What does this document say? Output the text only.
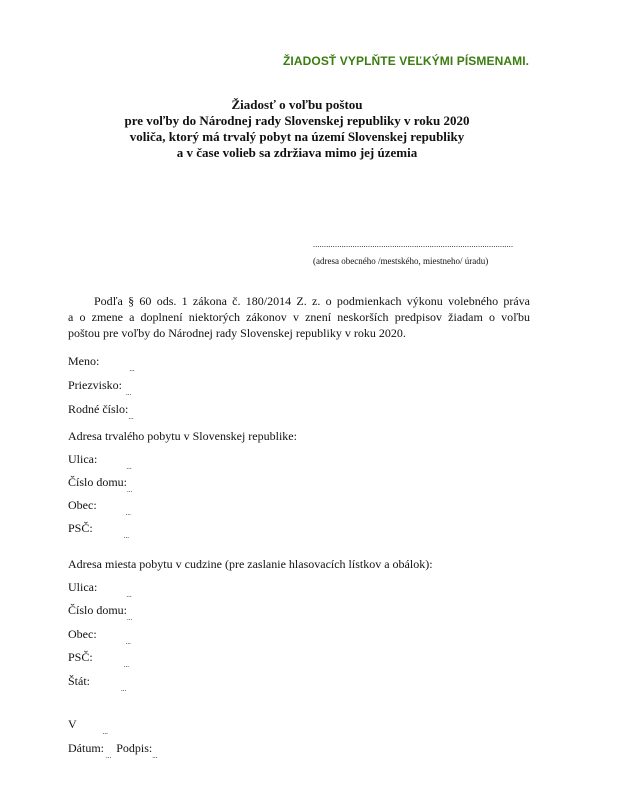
ŽIADOSŤ VYPLŇTE VEĽKÝMI PÍSMENAMI.
Žiadosť o voľbu poštou
pre voľby do Národnej rady Slovenskej republiky v roku 2020
voliča, ktorý má trvalý pobyt na území Slovenskej republiky
a v čase volieb sa zdržiava mimo jej územia
...........................................................................................
(adresa obecného /mestského, miestneho/ úradu)
Podľa § 60 ods. 1 zákona č. 180/2014 Z. z. o podmienkach výkonu volebného práva
a o zmene a doplnení niektorých zákonov v znení neskorších predpisov žiadam o voľbu
poštou pre voľby do Národnej rady Slovenskej republiky v roku 2020.
Meno:...
Priezvisko:...
Rodné číslo:...
Adresa trvalého pobytu v Slovenskej republike:
Ulica:...
Číslo domu:...
Obec:...
PSČ:...
Adresa miesta pobytu v cudzine (pre zaslanie hlasovacích lístkov a obálok):
Ulica:...
Číslo domu:...
Obec:...
PSČ:...
Štát:...
V...
Dátum:... Podpis:...
